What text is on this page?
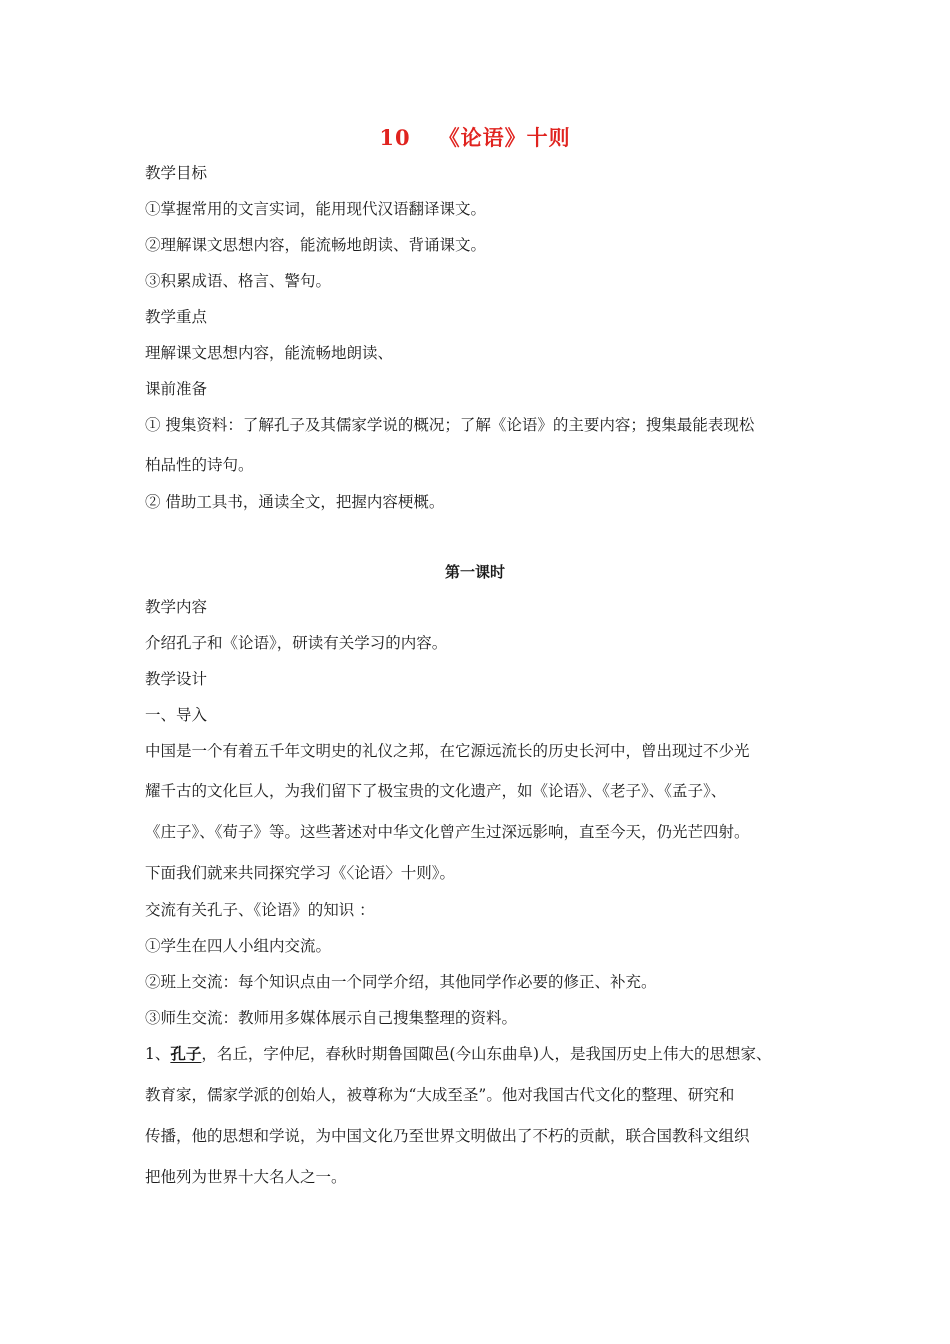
10 《论语》十则
教学目标
①掌握常用的文言实词，能用现代汉语翻译课文。
②理解课文思想内容，能流畅地朗读、背诵课文。
③积累成语、格言、警句。
教学重点
理解课文思想内容，能流畅地朗读、
课前准备
① 搜集资料：了解孔子及其儒家学说的概况；了解《论语》的主要内容；搜集最能表现松
柏品性的诗句。
② 借助工具书，通读全文，把握内容梗概。
第一课时
教学内容
介绍孔子和《论语》，研读有关学习的内容。
教学设计
一、导入
中国是一个有着五千年文明史的礼仪之邦，在它源远流长的历史长河中，曾出现过不少光
耀千古的文化巨人，为我们留下了极宝贵的文化遗产，如《论语》、《老子》、《孟子》、
《庄子》、《荀子》等。这些著述对中华文化曾产生过深远影响，直至今天，仍光芒四射。
下面我们就来共同探究学习《〈论语〉十则》。
交流有关孔子、《论语》的知识 ：
①学生在四人小组内交流。
②班上交流：每个知识点由一个同学介绍，其他同学作必要的修正、补充。
③师生交流：教师用多媒体展示自己搜集整理的资料。
1、孔子，名丘，字仲尼，春秋时期鲁国陬邑(今山东曲阜)人，是我国历史上伟大的思想家、
教育家，儒家学派的创始人，被尊称为“大成至圣”。他对我国古代文化的整理、研究和
传播，他的思想和学说，为中国文化乃至世界文明做出了不朽的贡献，联合国教科文组织
把他列为世界十大名人之一。
